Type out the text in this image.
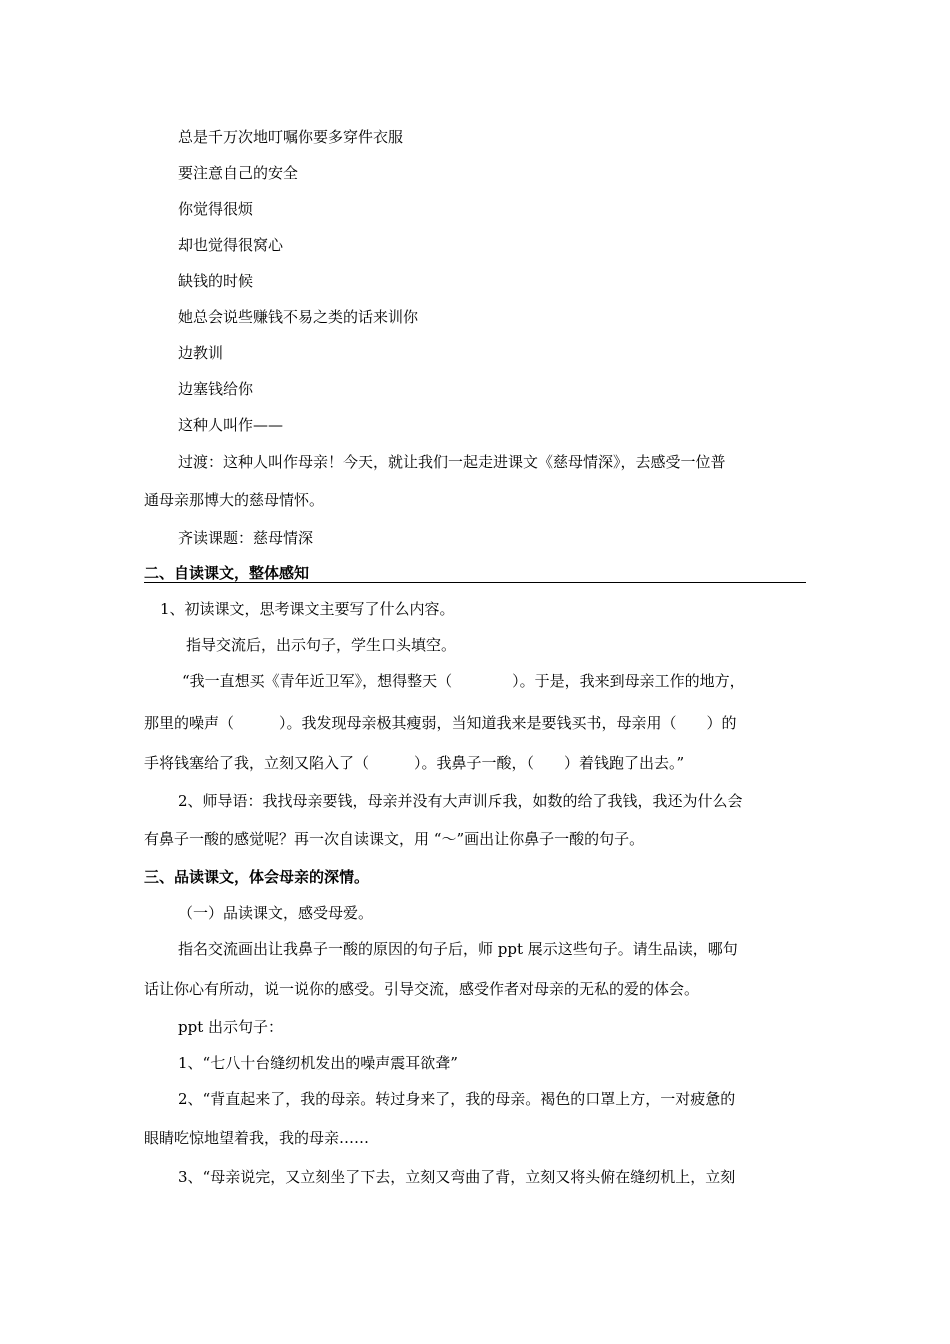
总是千万次地叮嘱你要多穿件衣服
要注意自己的安全
你觉得很烦
却也觉得很窝心
缺钱的时候
她总会说些赚钱不易之类的话来训你
边教训
边塞钱给你
这种人叫作——
过渡：这种人叫作母亲！今天，就让我们一起走进课文《慈母情深》，去感受一位普
通母亲那博大的慈母情怀。
齐读课题：慈母情深
二、自读课文，整体感知
1、初读课文，思考课文主要写了什么内容。
指导交流后，出示句子，学生口头填空。
“我一直想买《青年近卫军》，想得整天（　　　　）。于是，我来到母亲工作的地方，
那里的噪声（　　　）。我发现母亲极其瘦弱，当知道我来是要钱买书，母亲用（　　）的
手将钱塞给了我，立刻又陷入了（　　　）。我鼻子一酸，（　　）着钱跑了出去。”
2、师导语：我找母亲要钱，母亲并没有大声训斥我，如数的给了我钱，我还为什么会
有鼻子一酸的感觉呢？再一次自读课文，用 “～”画出让你鼻子一酸的句子。
三、品读课文，体会母亲的深情。
（一）品读课文，感受母爱。
指名交流画出让我鼻子一酸的原因的句子后，师 ppt 展示这些句子。请生品读，哪句
话让你心有所动，说一说你的感受。引导交流，感受作者对母亲的无私的爱的体会。
ppt 出示句子：
1、“七八十台缝纫机发出的噪声震耳欲聋”
2、“背直起来了，我的母亲。转过身来了，我的母亲。褐色的口罩上方，一对疲惫的
眼睛吃惊地望着我，我的母亲……
3、“母亲说完，又立刻坐了下去，立刻又弯曲了背，立刻又将头俯在缝纫机上，立刻
